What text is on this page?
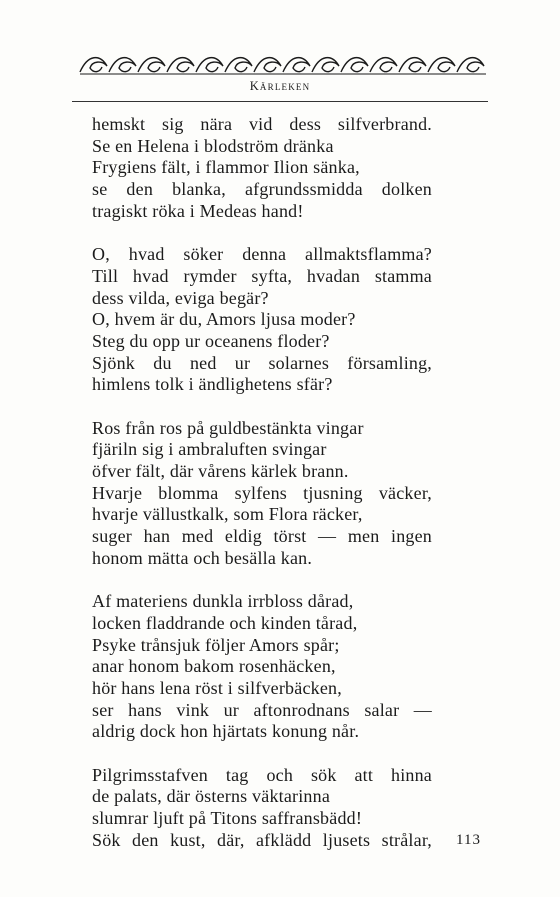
Kärleken
hemskt sig nära vid dess silfverbrand.
Se en Helena i blodström dränka
Frygiens fält, i flammor Ilion sänka,
se den blanka, afgrundssmidda dolken
tragiskt röka i Medeas hand!
O, hvad söker denna allmaktsflamma?
Till hvad rymder syfta, hvadan stamma
dess vilda, eviga begär?
O, hvem är du, Amors ljusa moder?
Steg du opp ur oceanens floder?
Sjönk du ned ur solarnes församling,
himlens tolk i ändlighetens sfär?
Ros från ros på guldbestänkta vingar
fjäriln sig i ambraluften svingar
öfver fält, där vårens kärlek brann.
Hvarje blomma sylfens tjusning väcker,
hvarje vällustkalk, som Flora räcker,
suger han med eldig törst — men ingen
honom mätta och besälla kan.
Af materiens dunkla irrbloss dårad,
locken fladdrande och kinden tårad,
Psyke trånsjuk följer Amors spår;
anar honom bakom rosenhäcken,
hör hans lena röst i silfverbäcken,
ser hans vink ur aftonrodnans salar —
aldrig dock hon hjärtats konung når.
Pilgrimsstafven tag och sök att hinna
de palats, där österns väktarinna
slumrar ljuft på Titons saffransbädd!
Sök den kust, där, afklädd ljusets strålar, 113
